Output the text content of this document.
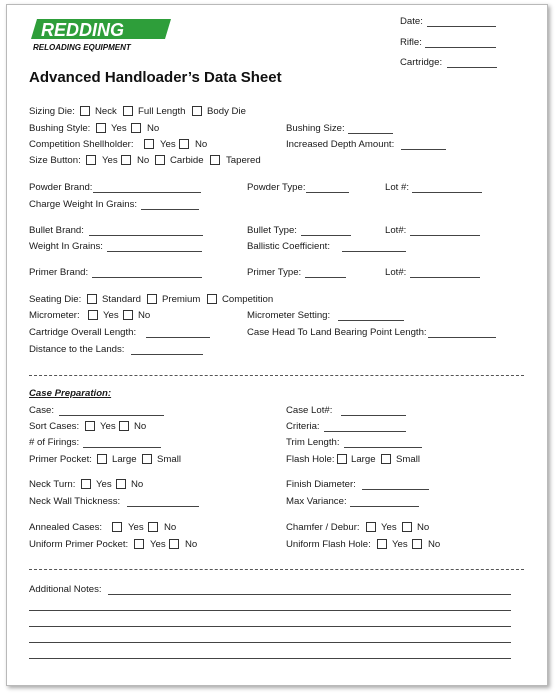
REDDING
RELOADING EQUIPMENT
Date:
Rifle:
Cartridge:
Advanced Handloader’s Data Sheet
Sizing Die: Neck Full Length Body Die
Bushing Style: Yes No	Bushing Size:
Competition Shellholder:	Yes No	Increased Depth Amount:
Size Button: Yes No Carbide Tapered
Powder Brand:	Powder Type:	Lot #:
Charge Weight In Grains:
Bullet Brand:	Bullet Type:	Lot#:
Weight In Grains:	Ballistic Coefficient:
Primer Brand:	Primer Type:	Lot#:
Seating Die: Standard Premium Competition
Micrometer: Yes No	Micrometer Setting:
Cartridge Overall Length:	Case Head To Land Bearing Point Length:
Distance to the Lands:
Case Preparation:
Case:	Case Lot#:
Sort Cases: Yes No	Criteria:
# of Firings:	Trim Length:
Primer Pocket: Large Small	Flash Hole: Large Small
Neck Turn: Yes No	Finish Diameter:
Neck Wall Thickness:	Max Variance:
Annealed Cases:	Yes No	Chamfer / Debur: Yes No
Uniform Primer Pocket: Yes No	Uniform Flash Hole: Yes No
Additional Notes:
